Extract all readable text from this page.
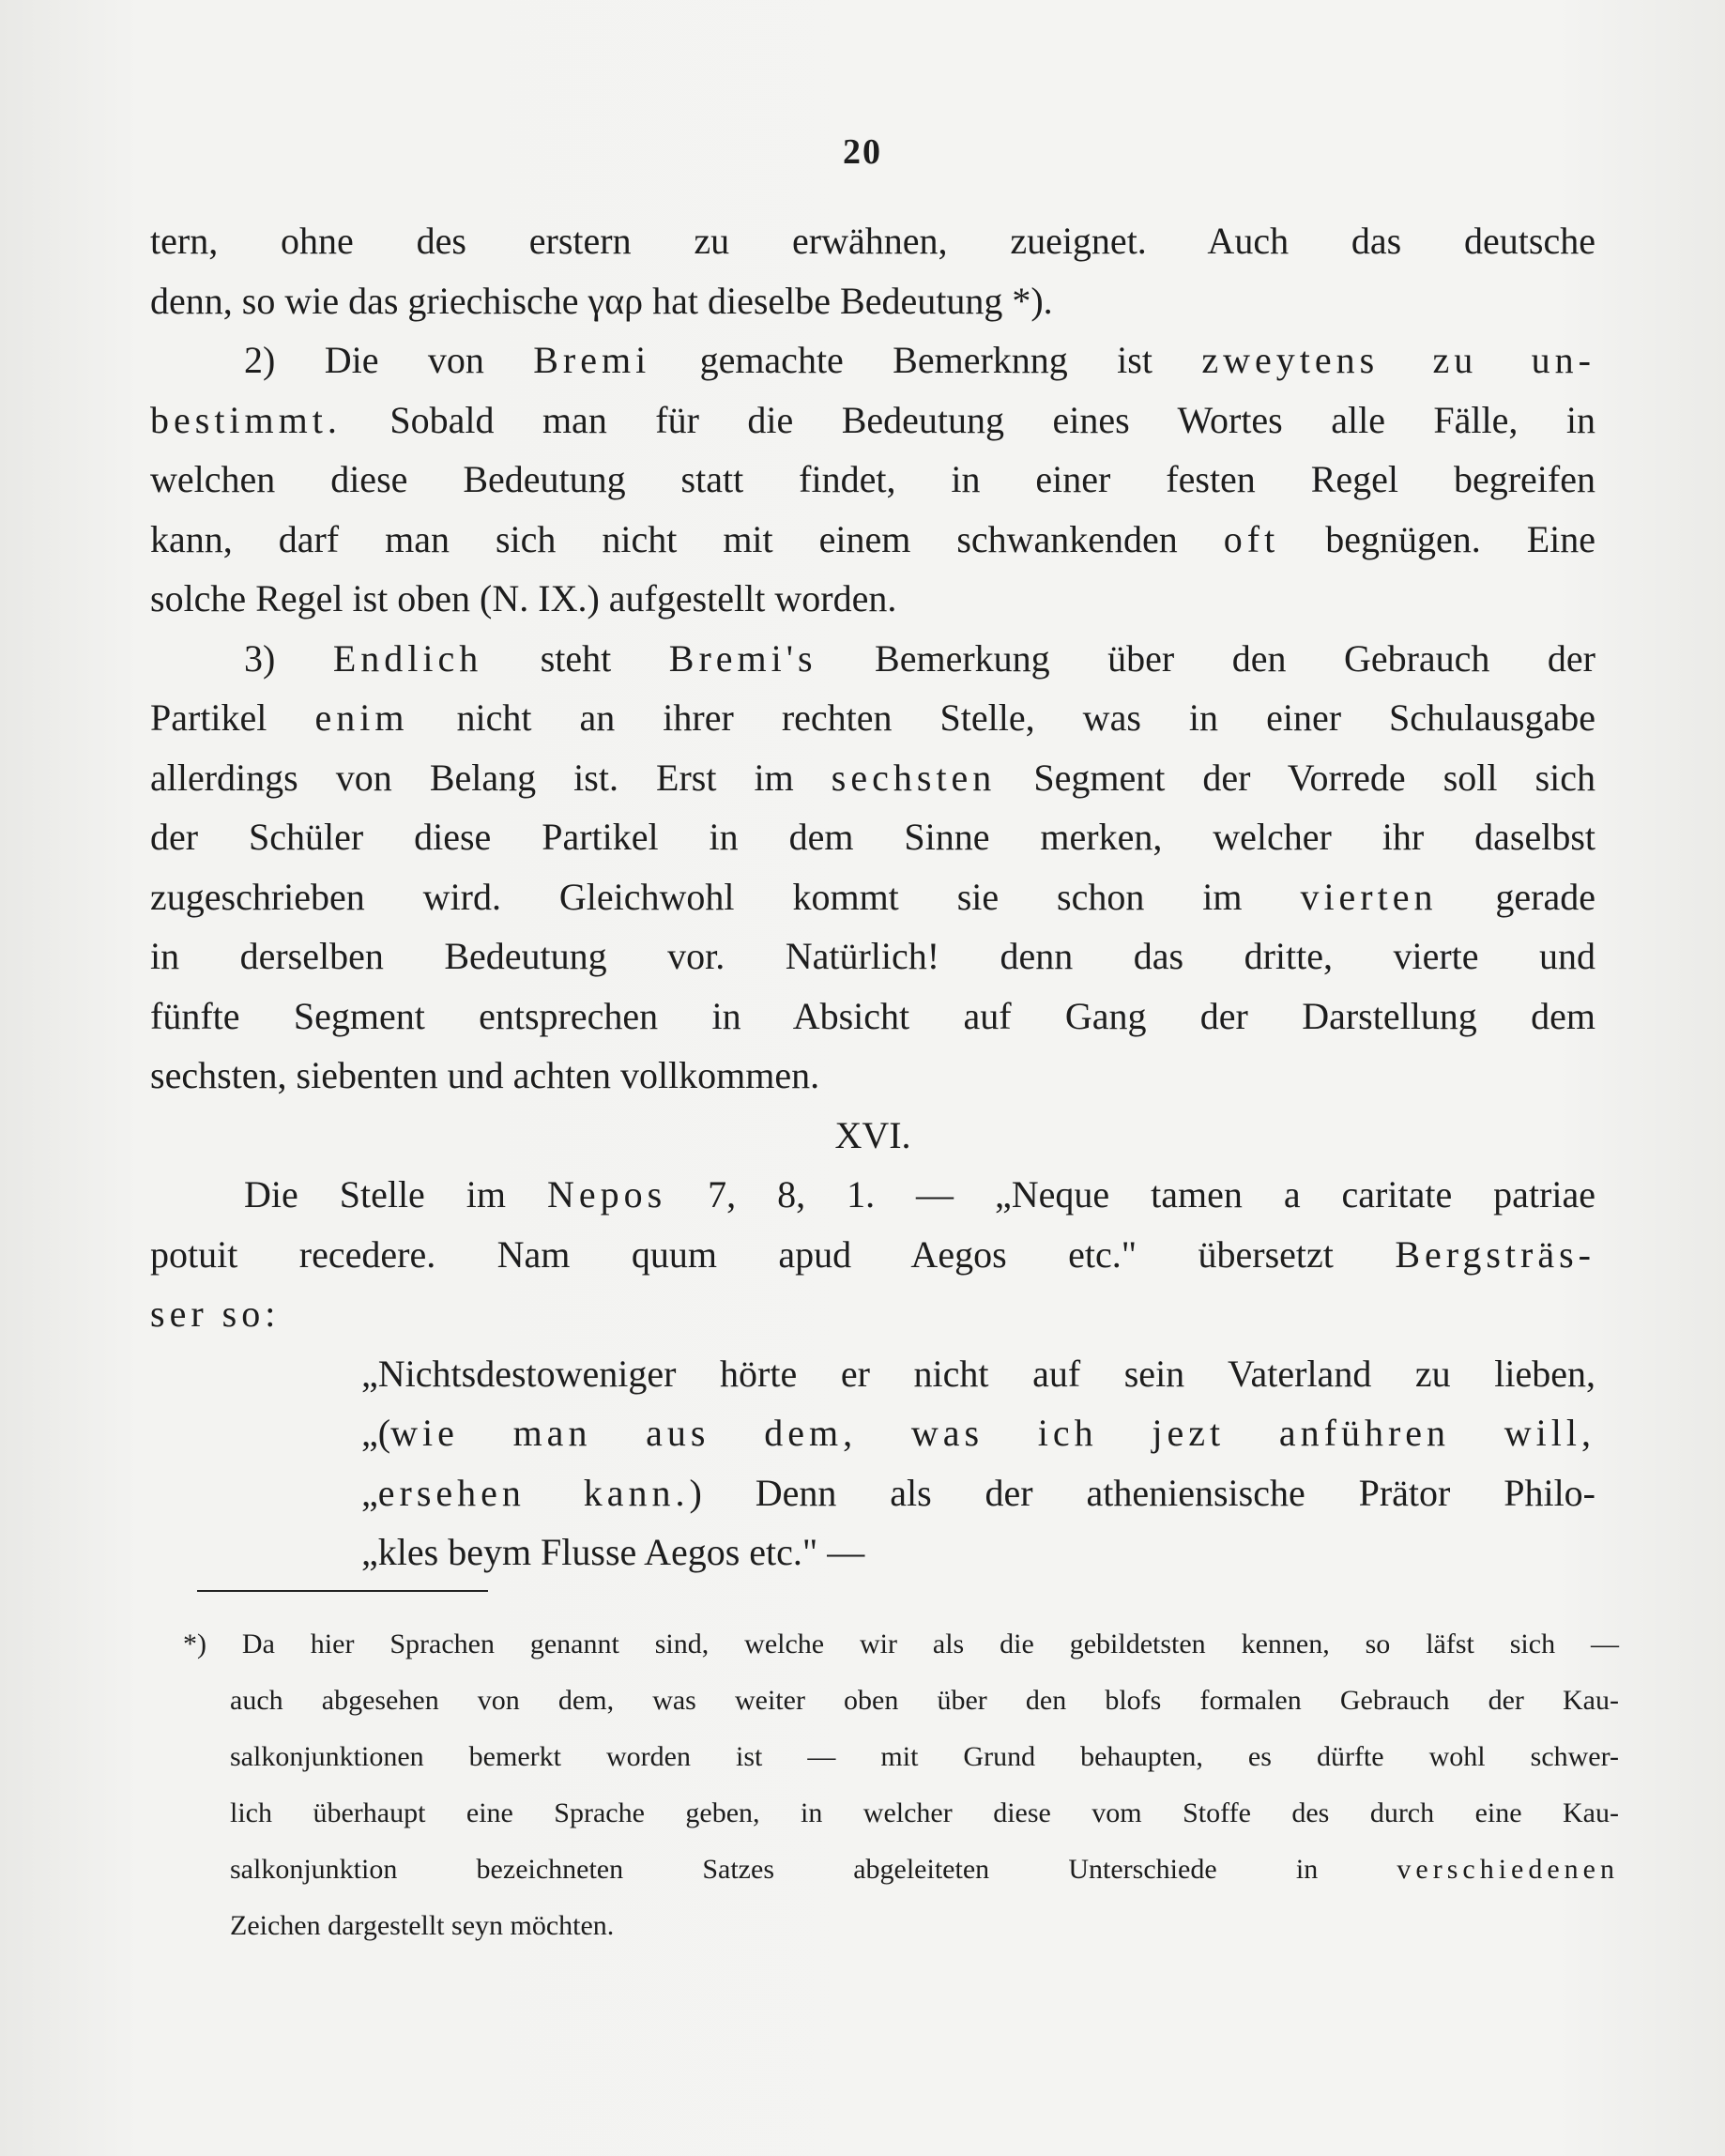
20
tern, ohne des erstern zu erwähnen, zueignet. Auch das deutsche
denn, so wie das griechische γαρ hat dieselbe Bedeutung *).
2) Die von Bremi gemachte Bemerknng ist zweytens zu un-
bestimmt. Sobald man für die Bedeutung eines Wortes alle Fälle, in
welchen diese Bedeutung statt findet, in einer festen Regel begreifen
kann, darf man sich nicht mit einem schwankenden oft begnügen. Eine
solche Regel ist oben (N. IX.) aufgestellt worden.
3) Endlich steht Bremi's Bemerkung über den Gebrauch der
Partikel enim nicht an ihrer rechten Stelle, was in einer Schulausgabe
allerdings von Belang ist. Erst im sechsten Segment der Vorrede soll sich
der Schüler diese Partikel in dem Sinne merken, welcher ihr daselbst
zugeschrieben wird. Gleichwohl kommt sie schon im vierten gerade
in derselben Bedeutung vor. Natürlich! denn das dritte, vierte und
fünfte Segment entsprechen in Absicht auf Gang der Darstellung dem
sechsten, siebenten und achten vollkommen.
XVI.
Die Stelle im Nepos 7, 8, 1. — „Neque tamen a caritate patriae
potuit recedere. Nam quum apud Aegos etc." übersetzt Bergsträs-
ser so:
„Nichtsdestoweniger hörte er nicht auf sein Vaterland zu lieben,
„(wie man aus dem, was ich jezt anführen will,
„ersehen kann.) Denn als der atheniensische Prätor Philo-
„kles beym Flusse Aegos etc." —
*) Da hier Sprachen genannt sind, welche wir als die gebildetsten kennen, so läfst sich —
auch abgesehen von dem, was weiter oben über den blofs formalen Gebrauch der Kau-
salkonjunktionen bemerkt worden ist — mit Grund behaupten, es dürfte wohl schwer-
lich überhaupt eine Sprache geben, in welcher diese vom Stoffe des durch eine Kau-
salkonjunktion bezeichneten Satzes abgeleiteten Unterschiede in verschiedenen
Zeichen dargestellt seyn möchten.
